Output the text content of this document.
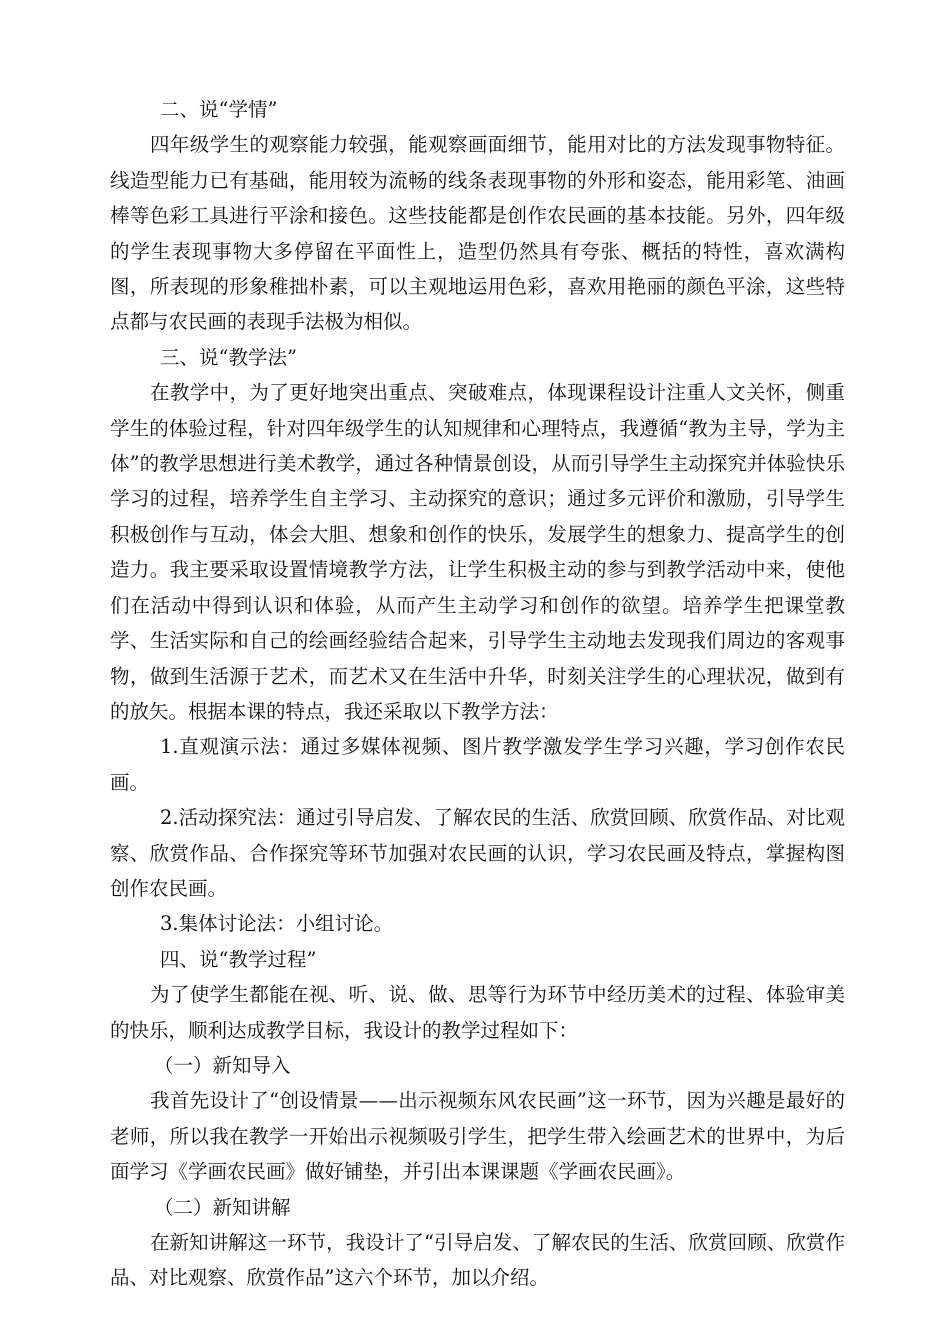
二、说“学情”

四年级学生的观察能力较强，能观察画面细节，能用对比的方法发现事物特征。线造型能力已有基础，能用较为流畅的线条表现事物的外形和姿态，能用彩笔、油画棒等色彩工具进行平涂和接色。这些技能都是创作农民画的基本技能。另外，四年级的学生表现事物大多停留在平面性上，造型仍然具有夸张、概括的特性，喜欢满构图，所表现的形象稚拙朴素，可以主观地运用色彩，喜欢用艳丽的颜色平涂，这些特点都与农民画的表现手法极为相似。

三、说“教学法”

在教学中，为了更好地突出重点、突破难点，体现课程设计注重人文关怀，侧重学生的体验过程，针对四年级学生的认知规律和心理特点，我遵循“教为主导，学为主体”的教学思想进行美术教学，通过各种情景创设，从而引导学生主动探究并体验快乐学习的过程，培养学生自主学习、主动探究的意识；通过多元评价和激励，引导学生积极创作与互动，体会大胆、想象和创作的快乐，发展学生的想象力、提高学生的创造力。我主要采取设置情境教学方法，让学生积极主动的参与到教学活动中来，使他们在活动中得到认识和体验，从而产生主动学习和创作的欲望。培养学生把课堂教学、生活实际和自己的绘画经验结合起来，引导学生主动地去发现我们周边的客观事物，做到生活源于艺术，而艺术又在生活中升华，时刻关注学生的心理状况，做到有的放矢。根据本课的特点，我还采取以下教学方法：

1.直观演示法：通过多媒体视频、图片教学激发学生学习兴趣，学习创作农民画。

2.活动探究法：通过引导启发、了解农民的生活、欣赏回顾、欣赏作品、对比观察、欣赏作品、合作探究等环节加强对农民画的认识，学习农民画及特点，掌握构图创作农民画。

3.集体讨论法：小组讨论。

四、说“教学过程”

为了使学生都能在视、听、说、做、思等行为环节中经历美术的过程、体验审美的快乐，顺利达成教学目标，我设计的教学过程如下：

（一）新知导入

我首先设计了“创设情景——出示视频东风农民画”这一环节，因为兴趣是最好的老师，所以我在教学一开始出示视频吸引学生，把学生带入绘画艺术的世界中，为后面学习《学画农民画》做好铺垫，并引出本课课题《学画农民画》。

（二）新知讲解

在新知讲解这一环节，我设计了“引导启发、了解农民的生活、欣赏回顾、欣赏作品、对比观察、欣赏作品”这六个环节，加以介绍。
